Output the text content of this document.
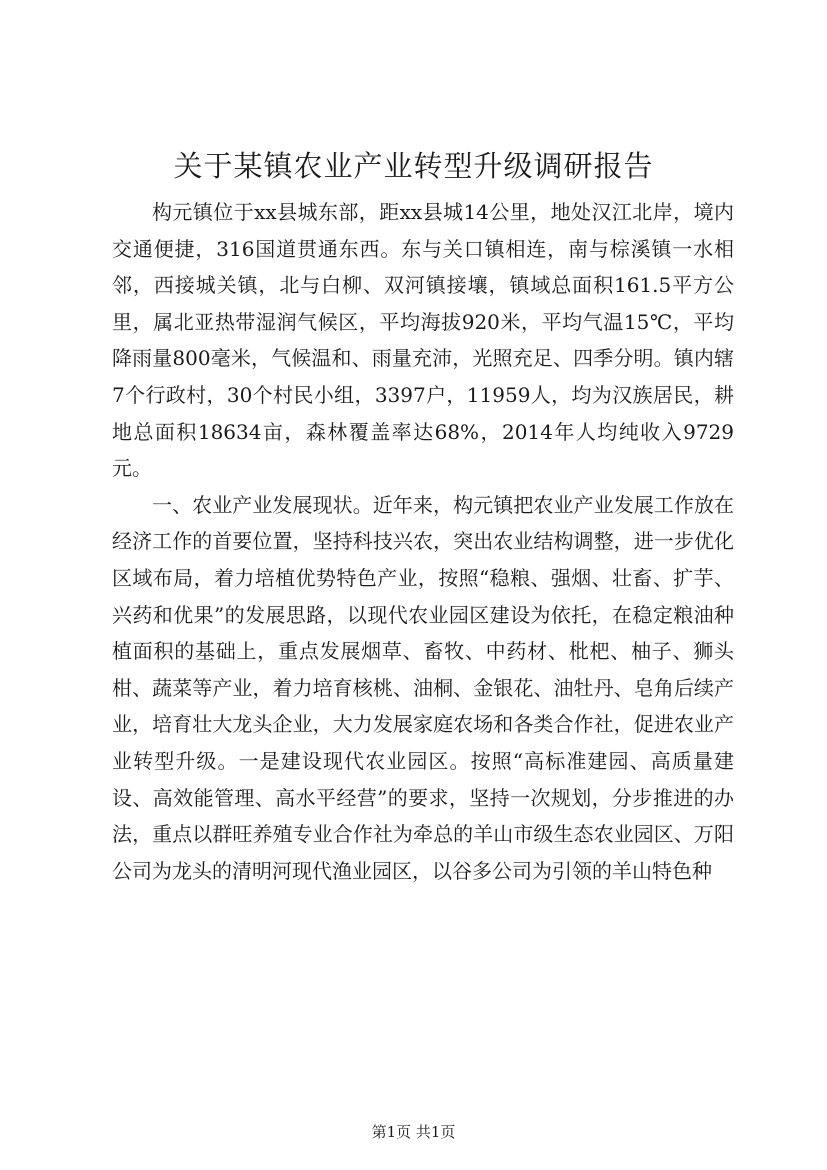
关于某镇农业产业转型升级调研报告

构元镇位于xx县城东部，距xx县城14公里，地处汉江北岸，境内交通便捷，316国道贯通东西。东与关口镇相连，南与棕溪镇一水相邻，西接城关镇，北与白柳、双河镇接壤，镇域总面积161.5平方公里，属北亚热带湿润气候区，平均海拔920米，平均气温15℃，平均降雨量800毫米，气候温和、雨量充沛，光照充足、四季分明。镇内辖7个行政村，30个村民小组，3397户，11959人，均为汉族居民，耕地总面积18634亩，森林覆盖率达68%，2014年人均纯收入9729元。

一、农业产业发展现状。近年来，构元镇把农业产业发展工作放在经济工作的首要位置，坚持科技兴农，突出农业结构调整，进一步优化区域布局，着力培植优势特色产业，按照“稳粮、强烟、壮畜、扩芋、兴药和优果”的发展思路，以现代农业园区建设为依托，在稳定粮油种植面积的基础上，重点发展烟草、畜牧、中药材、枇杷、柚子、狮头柑、蔬菜等产业，着力培育核桃、油桐、金银花、油牡丹、皂角后续产业，培育壮大龙头企业，大力发展家庭农场和各类合作社，促进农业产业转型升级。一是建设现代农业园区。按照“高标准建园、高质量建设、高效能管理、高水平经营”的要求，坚持一次规划，分步推进的办法，重点以群旺养殖专业合作社为牵总的羊山市级生态农业园区、万阳公司为龙头的清明河现代渔业园区，以谷多公司为引领的羊山特色种

第1页 共1页
